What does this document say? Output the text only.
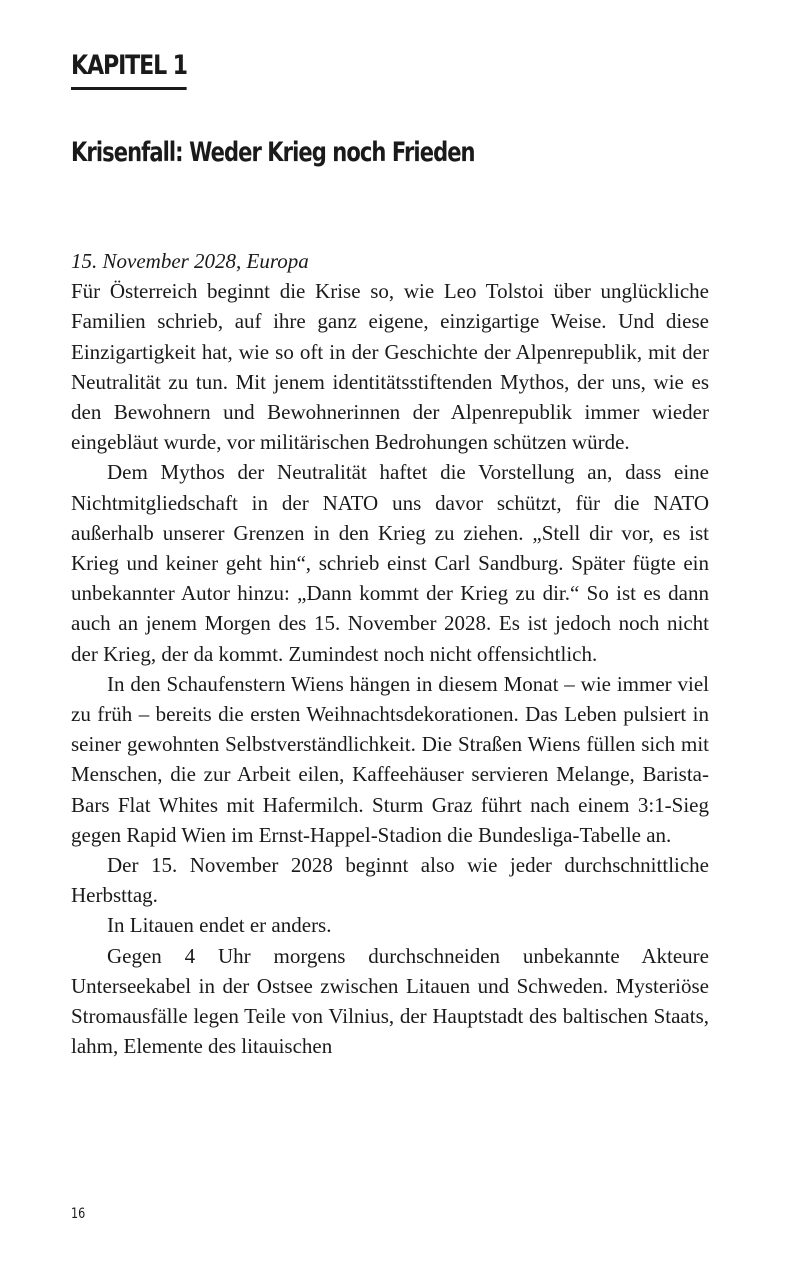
KAPITEL 1
Krisenfall: Weder Krieg noch Frieden

15. November 2028, Europa

Für Österreich beginnt die Krise so, wie Leo Tolstoi über unglückliche Familien schrieb, auf ihre ganz eigene, einzigartige Weise. Und diese Einzigartigkeit hat, wie so oft in der Geschichte der Alpenrepublik, mit der Neutralität zu tun. Mit jenem identitätsstiftenden Mythos, der uns, wie es den Bewohnern und Bewohnerinnen der Alpenrepublik immer wieder eingebläut wurde, vor militärischen Bedrohungen schützen würde.

Dem Mythos der Neutralität haftet die Vorstellung an, dass eine Nichtmitgliedschaft in der NATO uns davor schützt, für die NATO außerhalb unserer Grenzen in den Krieg zu ziehen. „Stell dir vor, es ist Krieg und keiner geht hin“, schrieb einst Carl Sandburg. Später fügte ein unbekannter Autor hinzu: „Dann kommt der Krieg zu dir.“ So ist es dann auch an jenem Morgen des 15. November 2028. Es ist jedoch noch nicht der Krieg, der da kommt. Zumindest noch nicht offensichtlich.

In den Schaufenstern Wiens hängen in diesem Monat – wie immer viel zu früh – bereits die ersten Weihnachtsdekorationen. Das Leben pulsiert in seiner gewohnten Selbstverständlichkeit. Die Straßen Wiens füllen sich mit Menschen, die zur Arbeit eilen, Kaffeehäuser servieren Melange, Barista-Bars Flat Whites mit Hafermilch. Sturm Graz führt nach einem 3:1-Sieg gegen Rapid Wien im Ernst-Happel-Stadion die Bundesliga-Tabelle an.

Der 15. November 2028 beginnt also wie jeder durchschnittliche Herbsttag.

In Litauen endet er anders.

Gegen 4 Uhr morgens durchschneiden unbekannte Akteure Unterseekabel in der Ostsee zwischen Litauen und Schweden. Mysteriöse Stromausfälle legen Teile von Vilnius, der Hauptstadt des baltischen Staats, lahm, Elemente des litauischen

16
